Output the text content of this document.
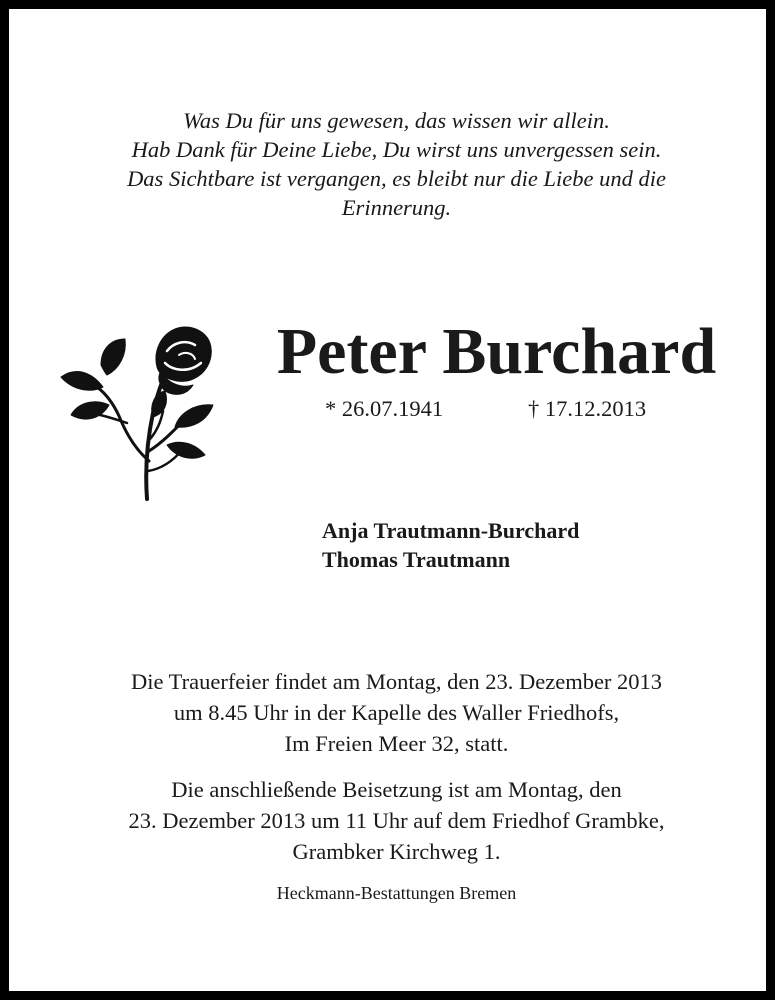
Was Du für uns gewesen, das wissen wir allein.
Hab Dank für Deine Liebe, Du wirst uns unvergessen sein.
Das Sichtbare ist vergangen, es bleibt nur die Liebe und die
Erinnerung.
Peter Burchard
* 26.07.1941	† 17.12.2013
Anja Trautmann-Burchard
Thomas Trautmann
Die Trauerfeier findet am Montag, den 23. Dezember 2013
um 8.45 Uhr in der Kapelle des Waller Friedhofs,
Im Freien Meer 32, statt.
Die anschließende Beisetzung ist am Montag, den
23. Dezember 2013 um 11 Uhr auf dem Friedhof Grambke,
Grambker Kirchweg 1.
Heckmann-Bestattungen Bremen
